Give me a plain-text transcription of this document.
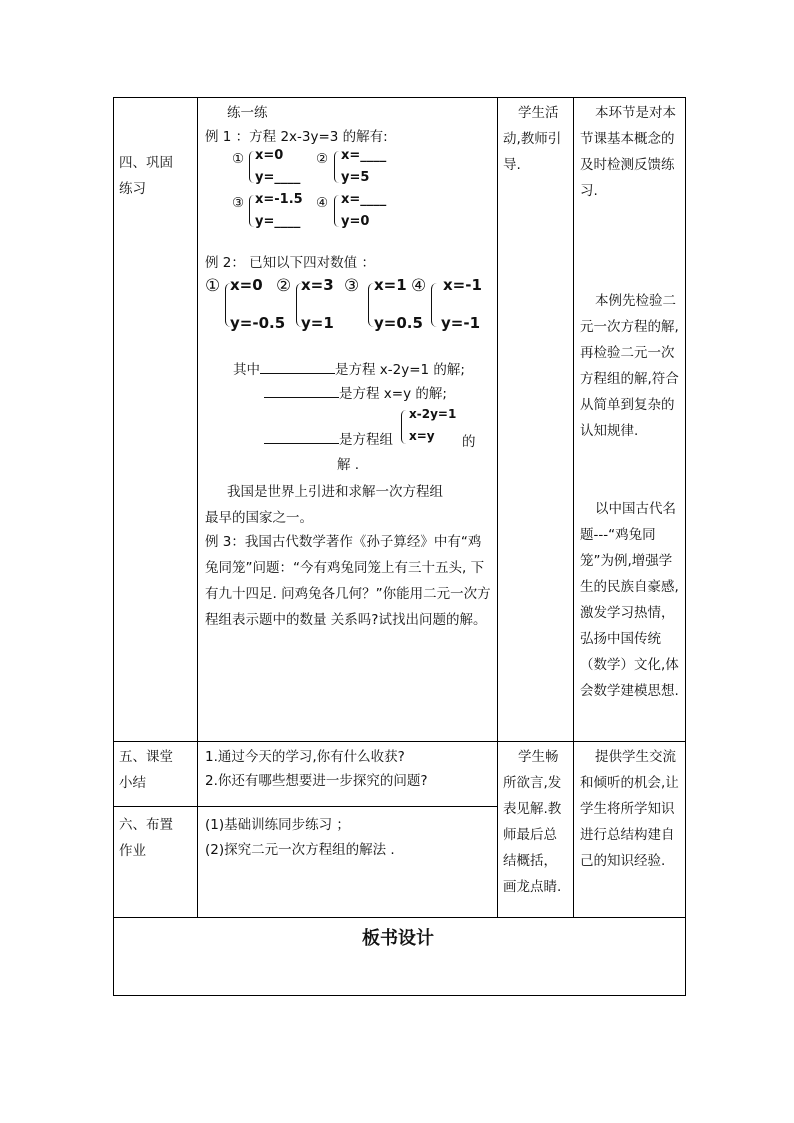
四、巩固
练习
五、课堂
小结
六、布置
作业
练一练
例 1 ：方程 2x-3y=3 的解有:
① x=0
y=____
② x=____
y=5
③ x=-1.5
y=____
④ x=____
y=0
例 2： 已知以下四对数值 ：
① x=0
y=-0.5
② x=3
y=1
③ x=1
y=0.5
④ x=-1
y=-1
其中	是方程 x-2y=1 的解;
是方程 x=y 的解;
是方程组
x-2y=1
x=y 的
解 .
我国是世界上引进和求解一次方程组
最早的国家之一。
例 3：我国古代数学著作《孙子算经》中有“鸡兔同笼”问题：“今有鸡兔同笼上有三十五头, 下有九十四足. 问鸡兔各几何？”你能用二元一次方程组表示题中的数量 关系吗?试找出问题的解。
学生活动,教师引导.
本环节是对本节课基本概念的及时检测反馈练习.
本例先检验二元一次方程的解,再检验二元一次方程组的解,符合从简单到复杂的认知规律.
以中国古代名题---“鸡兔同笼”为例,增强学生的民族自豪感,激发学习热情，弘扬中国传统（数学）文化,体会数学建模思想.
1.通过今天的学习,你有什么收获?
2.你还有哪些想要进一步探究的问题?
(1)基础训练同步练习 ；
(2)探究二元一次方程组的解法 .
学生畅所欲言,发表见解.教师最后总结概括，画龙点睛.
提供学生交流和倾听的机会,让学生将所学知识进行总结构建自己的知识经验.
板书设计
